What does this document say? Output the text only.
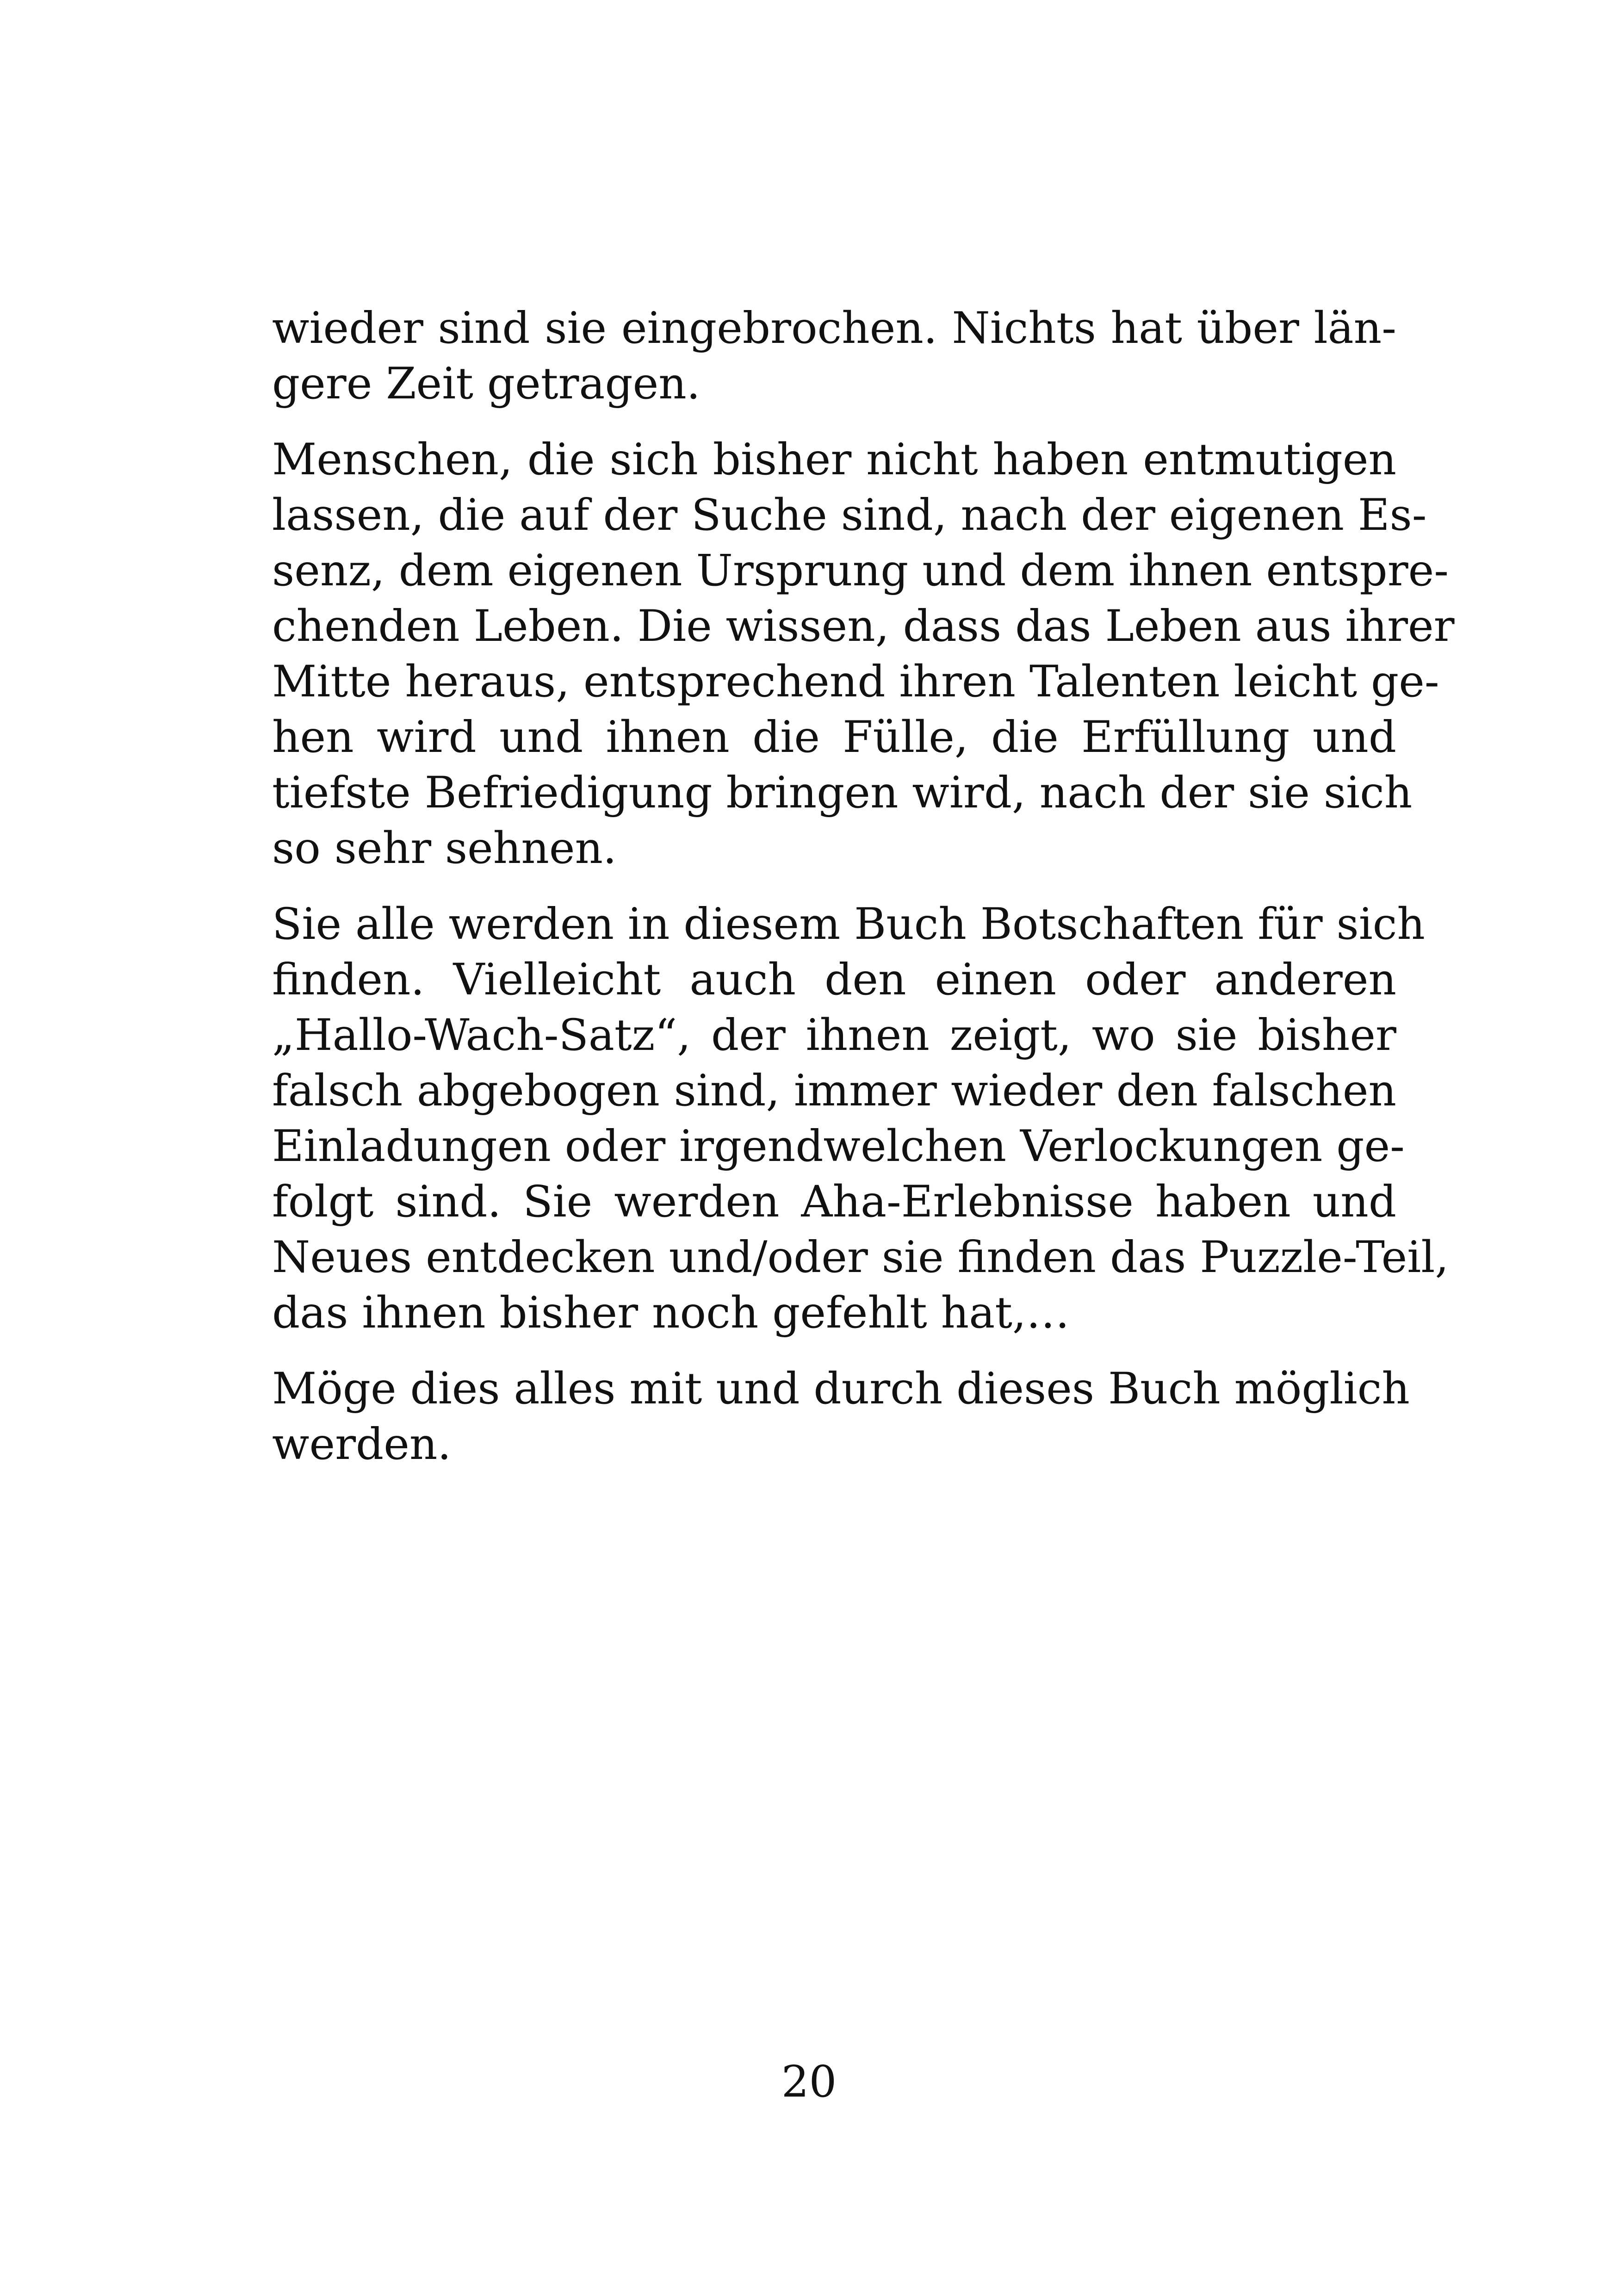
wieder sind sie eingebrochen. Nichts hat über län-
gere Zeit getragen.

Menschen, die sich bisher nicht haben entmutigen
lassen, die auf der Suche sind, nach der eigenen Es-
senz, dem eigenen Ursprung und dem ihnen entspre-
chenden Leben. Die wissen, dass das Leben aus ihrer
Mitte heraus, entsprechend ihren Talenten leicht ge-
hen wird und ihnen die Fülle, die Erfüllung und
tiefste Befriedigung bringen wird, nach der sie sich
so sehr sehnen.

Sie alle werden in diesem Buch Botschaften für sich
finden. Vielleicht auch den einen oder anderen
„Hallo-Wach-Satz“, der ihnen zeigt, wo sie bisher
falsch abgebogen sind, immer wieder den falschen
Einladungen oder irgendwelchen Verlockungen ge-
folgt sind. Sie werden Aha-Erlebnisse haben und
Neues entdecken und/oder sie finden das Puzzle-Teil,
das ihnen bisher noch gefehlt hat,…

Möge dies alles mit und durch dieses Buch möglich
werden.

20
